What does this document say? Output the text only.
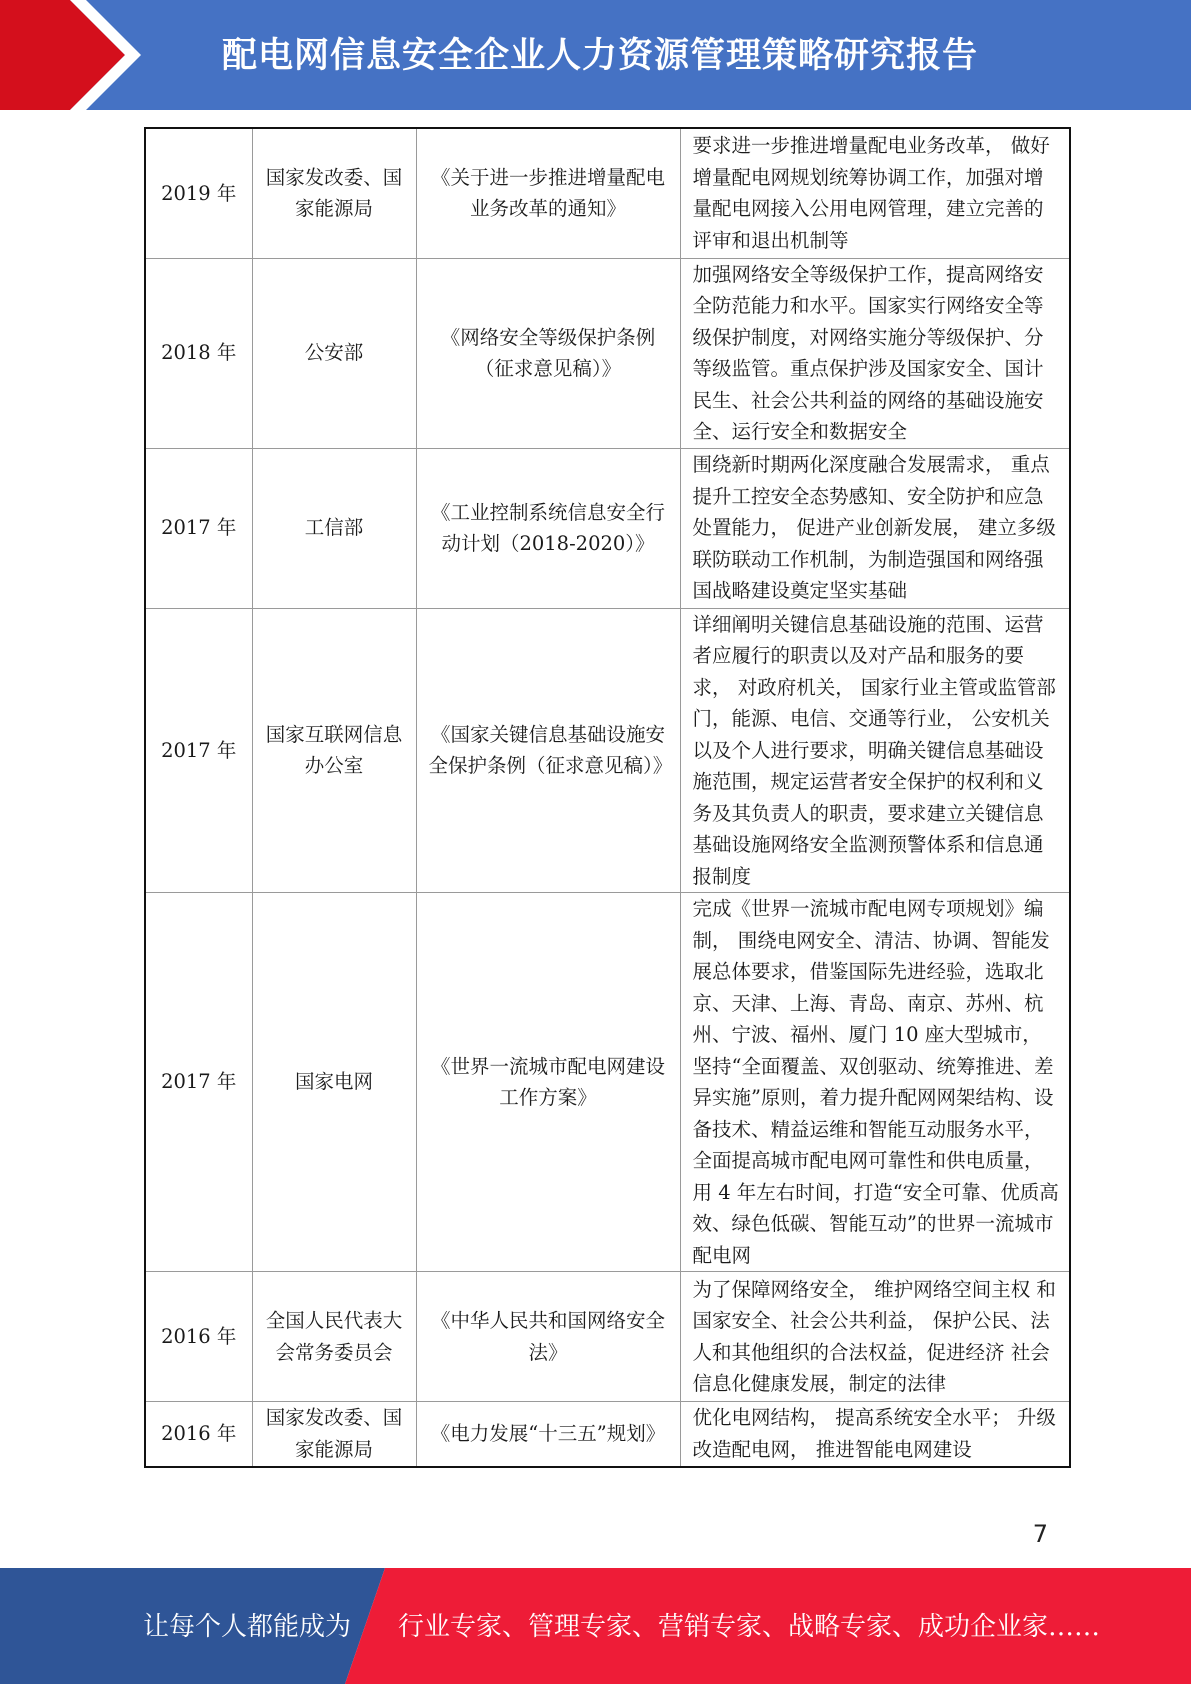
配电网信息安全企业人力资源管理策略研究报告
2019 年	国家发改委、国家能源局	《关于进一步推进增量配电业务改革的通知》	要求进一步推进增量配电业务改革， 做好增量配电网规划统筹协调工作，加强对增量配电网接入公用电网管理，建立完善的评审和退出机制等
2018 年	公安部	《网络安全等级保护条例（征求意见稿）》	加强网络安全等级保护工作，提高网络安全防范能力和水平。国家实行网络安全等级保护制度，对网络实施分等级保护、分等级监管。重点保护涉及国家安全、国计民生、社会公共利益的网络的基础设施安全、运行安全和数据安全
2017 年	工信部	《工业控制系统信息安全行动计划（2018-2020）》	围绕新时期两化深度融合发展需求， 重点提升工控安全态势感知、安全防护和应急处置能力， 促进产业创新发展， 建立多级联防联动工作机制，为制造强国和网络强国战略建设奠定坚实基础
2017 年	国家互联网信息办公室	《国家关键信息基础设施安全保护条例（征求意见稿）》	详细阐明关键信息基础设施的范围、运营者应履行的职责以及对产品和服务的要求， 对政府机关， 国家行业主管或监管部门，能源、电信、交通等行业， 公安机关以及个人进行要求，明确关键信息基础设施范围，规定运营者安全保护的权利和义务及其负责人的职责，要求建立关键信息基础设施网络安全监测预警体系和信息通报制度
2017 年	国家电网	《世界一流城市配电网建设工作方案》	完成《世界一流城市配电网专项规划》编制， 围绕电网安全、清洁、协调、智能发展总体要求，借鉴国际先进经验，选取北京、天津、上海、青岛、南京、苏州、杭州、宁波、福州、厦门 10 座大型城市，坚持“全面覆盖、双创驱动、统筹推进、差异实施”原则，着力提升配网网架结构、设备技术、精益运维和智能互动服务水平， 全面提高城市配电网可靠性和供电质量，用 4 年左右时间，打造“安全可靠、优质高效、绿色低碳、智能互动”的世界一流城市配电网
2016 年	全国人民代表大会常务委员会	《中华人民共和国网络安全法》	为了保障网络安全， 维护网络空间主权 和国家安全、社会公共利益， 保护公民、法人和其他组织的合法权益，促进经济 社会信息化健康发展，制定的法律
2016 年	国家发改委、国家能源局	《电力发展“十三五”规划》	优化电网结构， 提高系统安全水平； 升级改造配电网， 推进智能电网建设
7
让每个人都能成为 行业专家、管理专家、营销专家、战略专家、成功企业家……
